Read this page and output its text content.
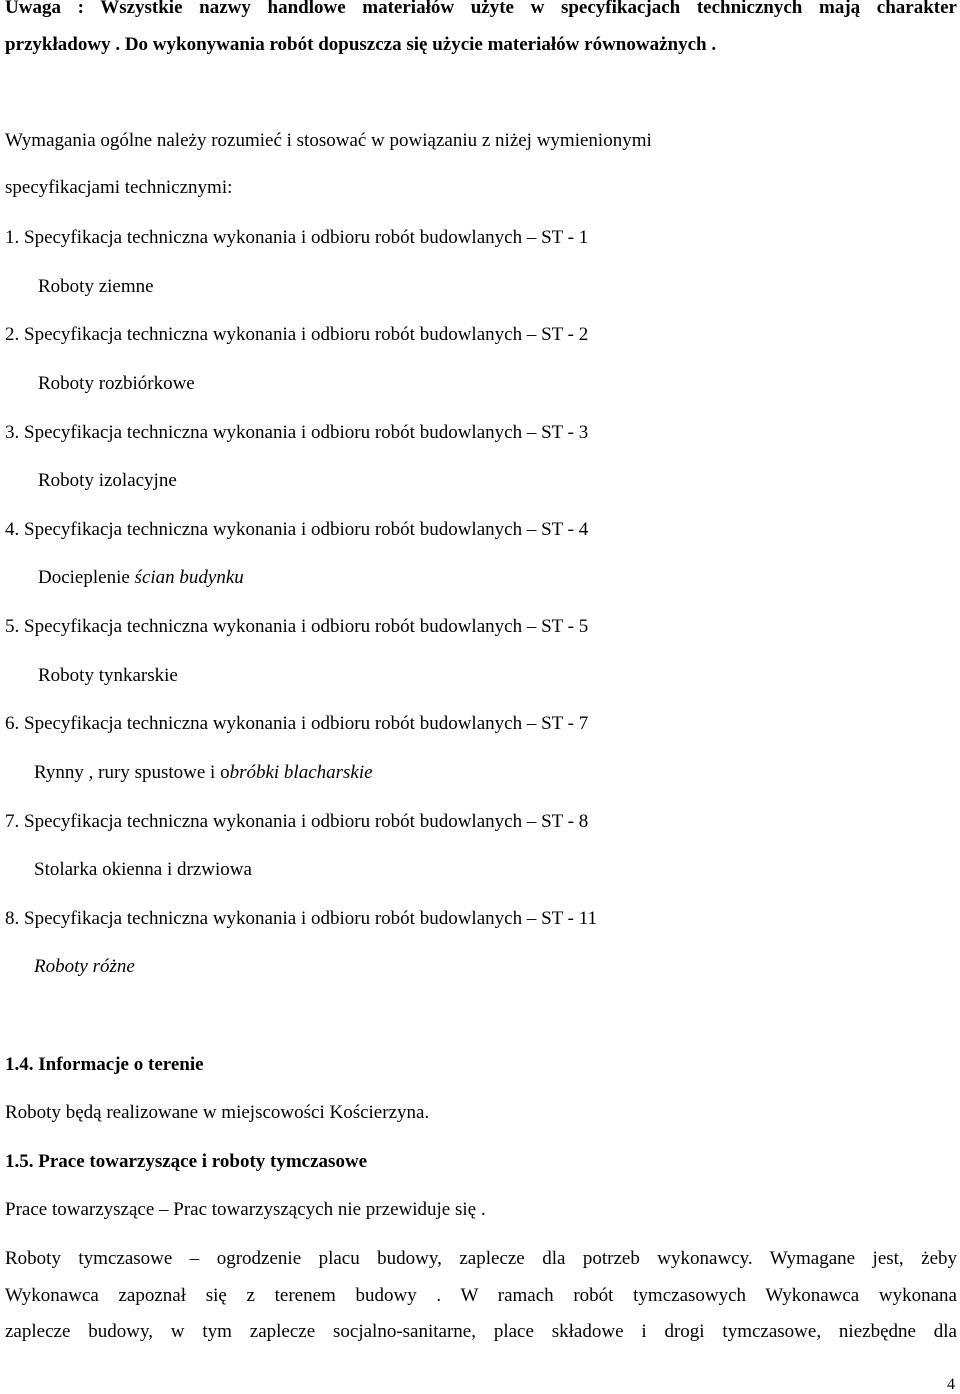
Uwaga : Wszystkie nazwy handlowe materiałów użyte w specyfikacjach technicznych mają charakter
przykładowy . Do wykonywania robót dopuszcza się użycie materiałów równoważnych .
Wymagania ogólne należy rozumieć i stosować w powiązaniu z niżej wymienionymi
specyfikacjami technicznymi:
1. Specyfikacja techniczna wykonania i odbioru robót budowlanych – ST - 1
Roboty ziemne
2. Specyfikacja techniczna wykonania i odbioru robót budowlanych – ST - 2
Roboty rozbiórkowe
3. Specyfikacja techniczna wykonania i odbioru robót budowlanych – ST - 3
Roboty izolacyjne
4. Specyfikacja techniczna wykonania i odbioru robót budowlanych – ST - 4
Docieplenie ścian budynku
5. Specyfikacja techniczna wykonania i odbioru robót budowlanych – ST - 5
Roboty tynkarskie
6. Specyfikacja techniczna wykonania i odbioru robót budowlanych – ST - 7
Rynny , rury spustowe i obróbki blacharskie
7. Specyfikacja techniczna wykonania i odbioru robót budowlanych – ST - 8
Stolarka okienna i drzwiowa
8. Specyfikacja techniczna wykonania i odbioru robót budowlanych – ST - 11
Roboty różne
1.4. Informacje o terenie
Roboty będą realizowane w miejscowości Kościerzyna.
1.5. Prace towarzyszące i roboty tymczasowe
Prace towarzyszące – Prac towarzyszących nie przewiduje się .
Roboty tymczasowe – ogrodzenie placu budowy, zaplecze dla potrzeb wykonawcy. Wymagane jest, żeby
Wykonawca zapoznał się z terenem budowy . W ramach robót tymczasowych Wykonawca wykonana
zaplecze budowy, w tym zaplecze socjalno-sanitarne, place składowe i drogi tymczasowe, niezbędne dla
4
